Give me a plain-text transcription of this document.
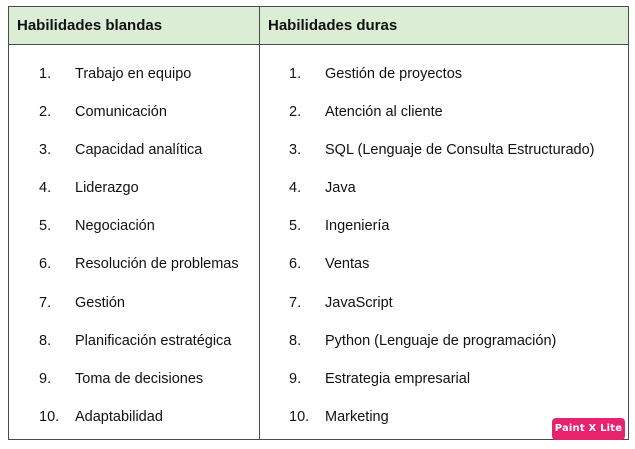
Habilidades blandas	Habilidades duras
1. Trabajo en equipo
2. Comunicación
3. Capacidad analítica
4. Liderazgo
5. Negociación
6. Resolución de problemas
7. Gestión
8. Planificación estratégica
9. Toma de decisiones
10. Adaptabilidad
1. Gestión de proyectos
2. Atención al cliente
3. SQL (Lenguaje de Consulta Estructurado)
4. Java
5. Ingeniería
6. Ventas
7. JavaScript
8. Python (Lenguaje de programación)
9. Estrategia empresarial
10. Marketing
Paint X Lite
